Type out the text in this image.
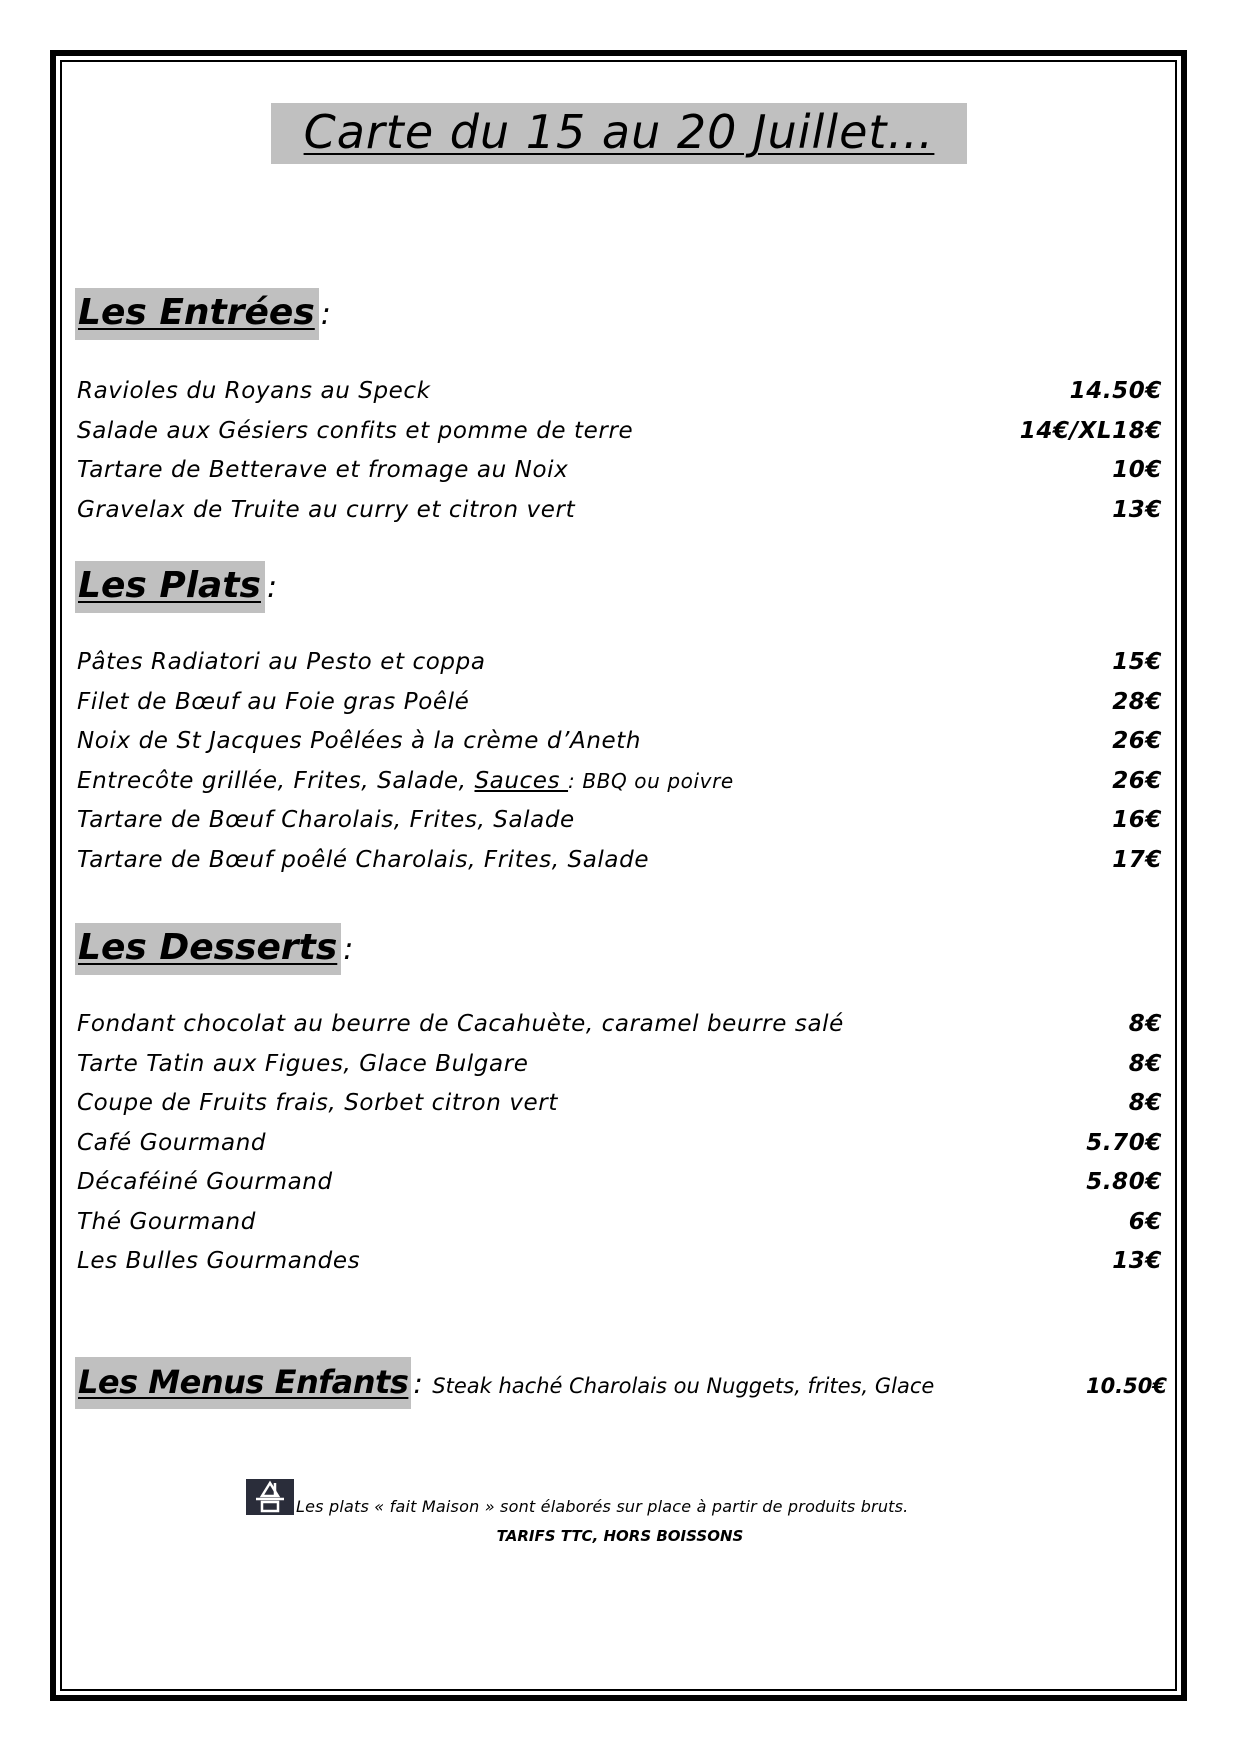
Carte du 15 au 20 Juillet…
Les Entrées:
Ravioles du Royans au Speck	14.50€
Salade aux Gésiers confits et pomme de terre	14€/XL18€
Tartare de Betterave et fromage au Noix	10€
Gravelax de Truite au curry et citron vert	13€
Les Plats:
Pâtes Radiatori au Pesto et coppa	15€
Filet de Bœuf au Foie gras Poêlé	28€
Noix de St Jacques Poêlées à la crème d’Aneth	26€
Entrecôte grillée, Frites, Salade, Sauces : BBQ ou poivre	26€
Tartare de Bœuf Charolais, Frites, Salade	16€
Tartare de Bœuf poêlé Charolais, Frites, Salade	17€
Les Desserts:
Fondant chocolat au beurre de Cacahuète, caramel beurre salé	8€
Tarte Tatin aux Figues, Glace Bulgare	8€
Coupe de Fruits frais, Sorbet citron vert	8€
Café Gourmand	5.70€
Décaféiné Gourmand	5.80€
Thé Gourmand	6€
Les Bulles Gourmandes	13€
Les Menus Enfants: Steak haché Charolais ou Nuggets, frites, Glace	10.50€
Les plats « fait Maison » sont élaborés sur place à partir de produits bruts.
TARIFS TTC, HORS BOISSONS
